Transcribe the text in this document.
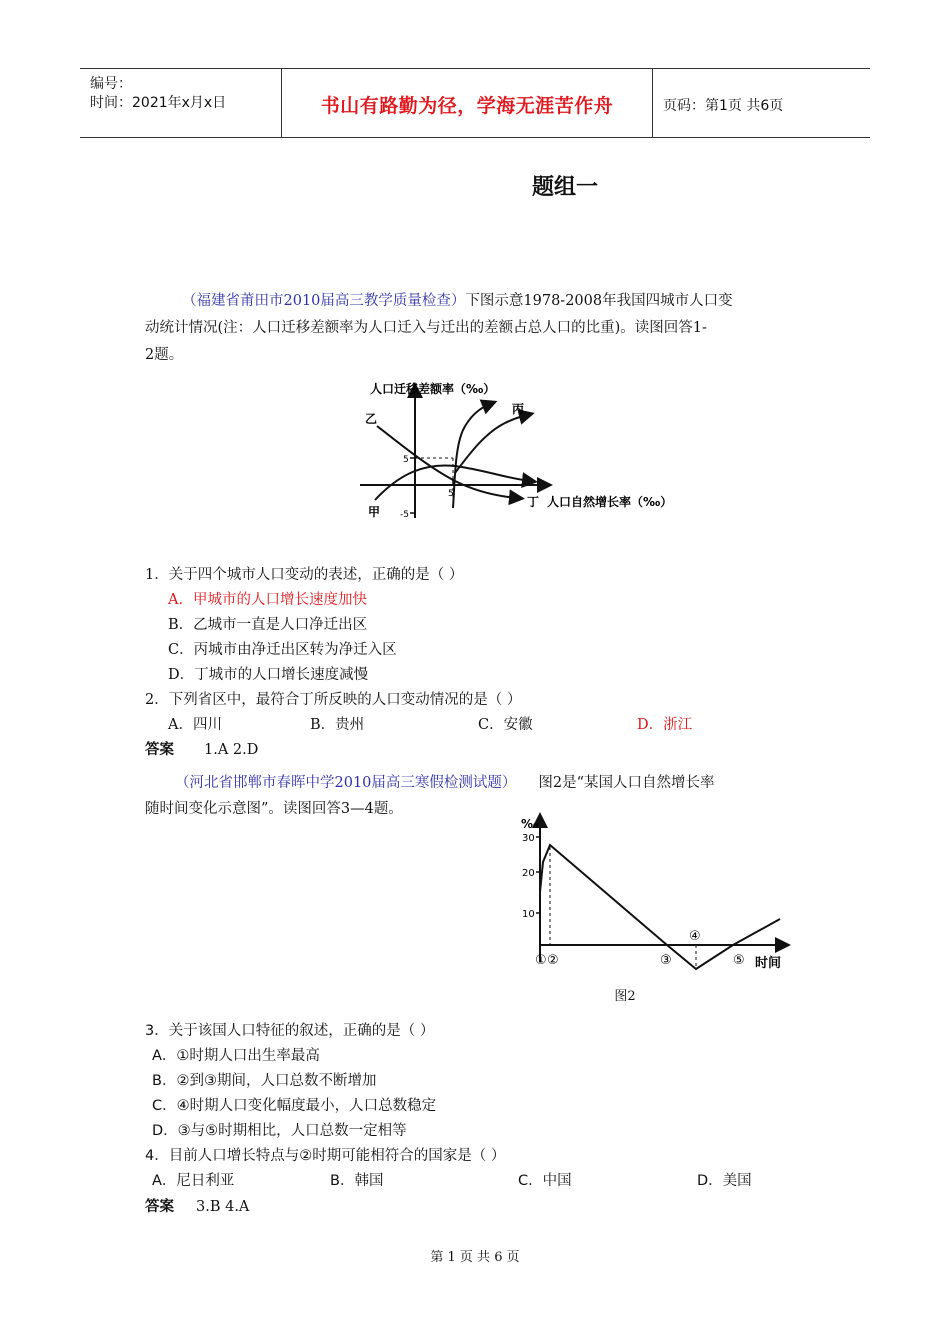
编号：
时间：2021年x月x日	书山有路勤为径，学海无涯苦作舟	页码：第1页 共6页
题组一
（福建省莆田市2010届高三教学质量检查）下图示意1978-2008年我国四城市人口变
动统计情况(注：人口迁移差额率为人口迁入与迁出的差额占总人口的比重)。读图回答1-
2题。
人口迁移差额率（‰）
人口自然增长率（‰）
甲
乙
丙
丁
5
5
-5
1．关于四个城市人口变动的表述，正确的是（ ）
A．甲城市的人口增长速度加快
B．乙城市一直是人口净迁出区
C．丙城市由净迁出区转为净迁入区
D．丁城市的人口增长速度减慢
2．下列省区中，最符合丁所反映的人口变动情况的是（ ）
A．四川	B．贵州	C．安徽	D．浙江
答案 1.A 2.D
（河北省邯郸市春晖中学2010届高三寒假检测试题） 图2是“某国人口自然增长率
随时间变化示意图”。读图回答3—4题。
‰
30
20
10
① ②	③
④
⑤ 时间
图2
3．关于该国人口特征的叙述，正确的是（ ）
A．①时期人口出生率最高
B．②到③期间，人口总数不断增加
C．④时期人口变化幅度最小，人口总数稳定
D．③与⑤时期相比，人口总数一定相等
4．目前人口增长特点与②时期可能相符合的国家是（ ）
A．尼日利亚	B．韩国	C．中国	D．美国
答案 3.B 4.A
第 1 页 共 6 页
